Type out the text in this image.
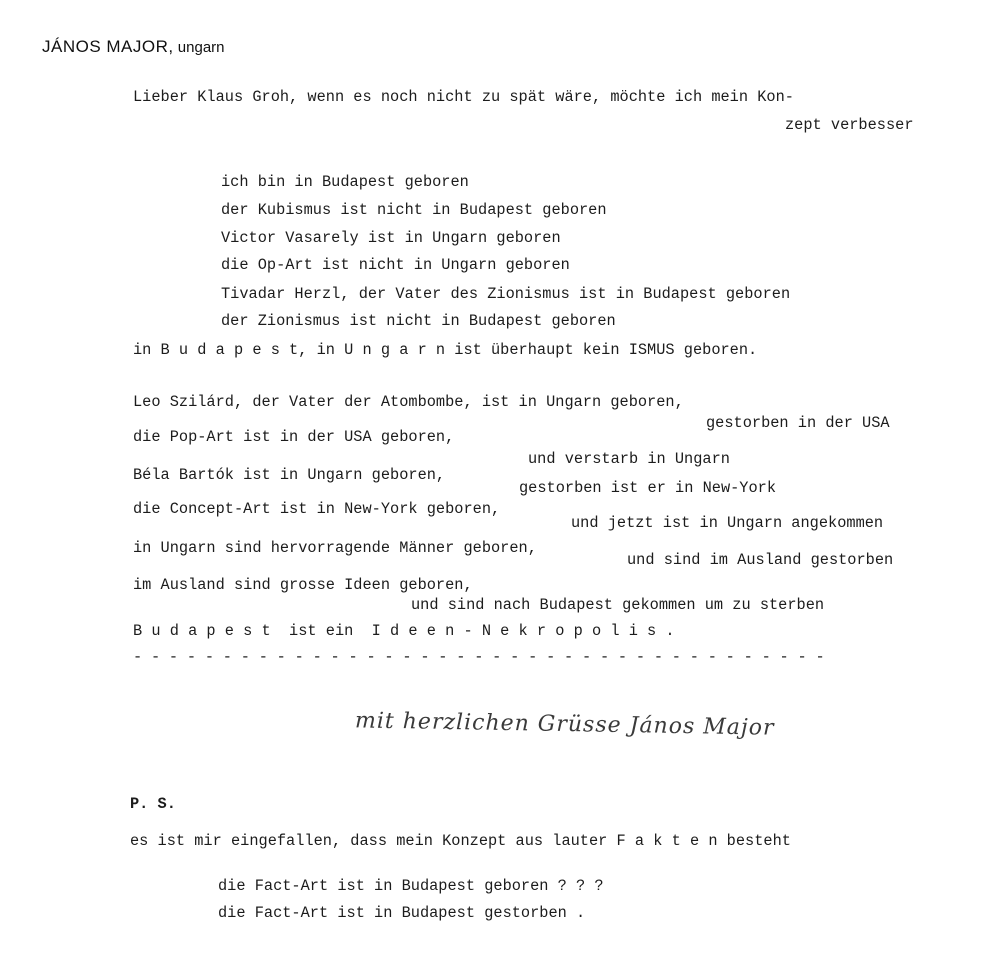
JÁNOS MAJOR, ungarn
Lieber Klaus Groh, wenn es noch nicht zu spät wäre, möchte ich mein Kon-
zept verbesser
ich bin in Budapest geboren
der Kubismus ist nicht in Budapest geboren
Victor Vasarely ist in Ungarn geboren
die Op-Art ist nicht in Ungarn geboren
Tivadar Herzl, der Vater des Zionismus ist in Budapest geboren
der Zionismus ist nicht in Budapest geboren
in B u d a p e s t, in U n g a r n ist überhaupt kein ISMUS geboren.
Leo Szilárd, der Vater der Atombombe, ist in Ungarn geboren,
gestorben in der USA
die Pop-Art ist in der USA geboren,
und verstarb in Ungarn
Béla Bartók ist in Ungarn geboren,
gestorben ist er in New-York
die Concept-Art ist in New-York geboren,
und jetzt ist in Ungarn angekommen
in Ungarn sind hervorragende Männer geboren,
und sind im Ausland gestorben
im Ausland sind grosse Ideen geboren,
und sind nach Budapest gekommen um zu sterben
B u d a p e s t  ist ein  I d e e n - N e k r o p o l i s .
- - - - - - - - - - - - - - - - - - - - - - - - - - - - - - - - - - - - - - -
mit herzlichen Grüsse János Major
P. S.
es ist mir eingefallen, dass mein Konzept aus lauter F a k t e n besteht
die Fact-Art ist in Budapest geboren ? ? ?
die Fact-Art ist in Budapest gestorben .
